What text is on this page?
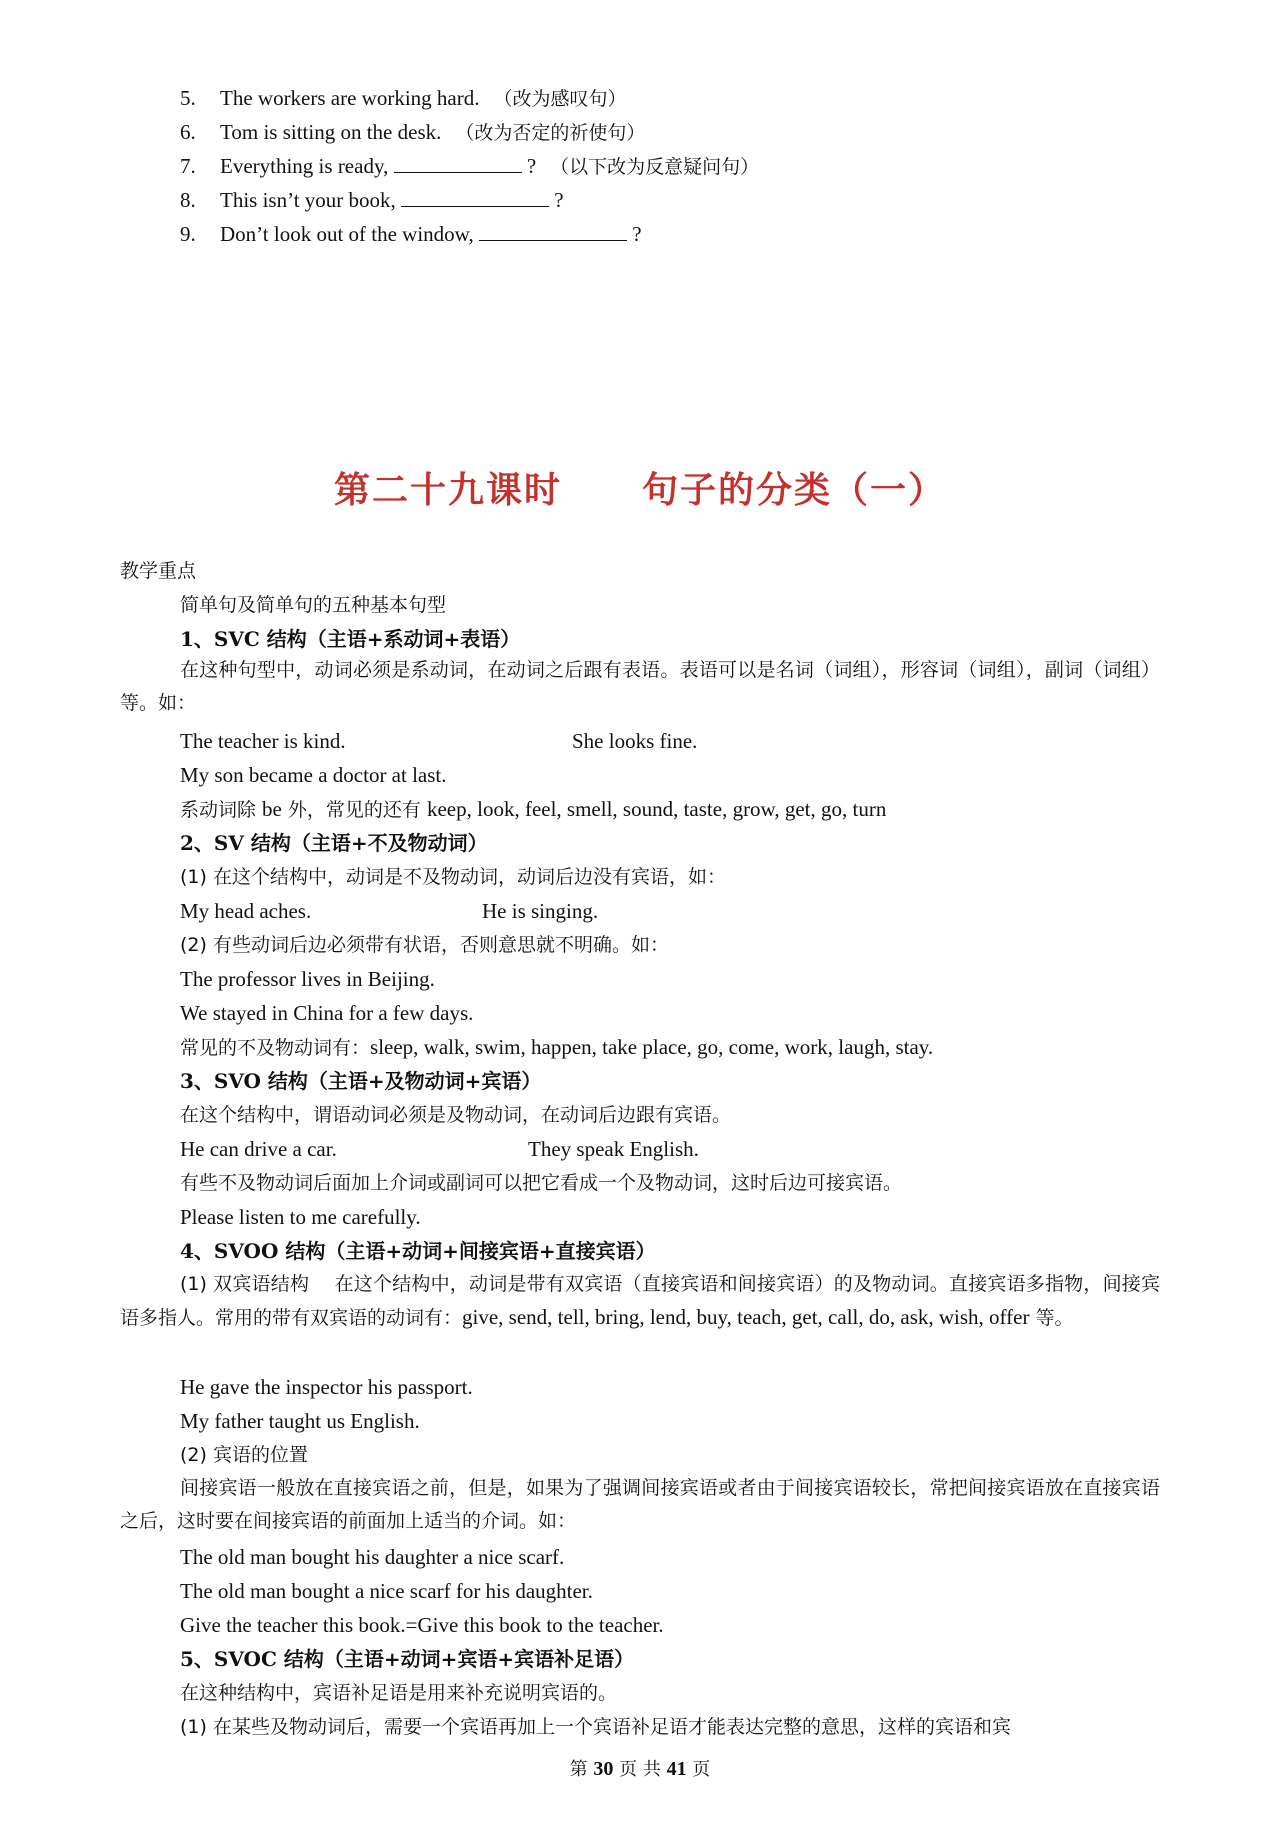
5. The workers are working hard. （改为感叹句）
6. Tom is sitting on the desk. （改为否定的祈使句）
7. Everything is ready,	? （以下改为反意疑问句）
8. This isn’t your book,	?
9. Don’t look out of the window,	?
第二十九课时 句子的分类（一）
教学重点
简单句及简单句的五种基本句型
1、SVC 结构（主语+系动词+表语）
在这种句型中，动词必须是系动词，在动词之后跟有表语。表语可以是名词（词组），形容词（词组），副词（词组）等。如：
The teacher is kind.	She looks fine.
My son became a doctor at last.
系动词除 be 外，常见的还有 keep, look, feel, smell, sound, taste, grow, get, go, turn
2、SV 结构（主语+不及物动词）
(1) 在这个结构中，动词是不及物动词，动词后边没有宾语，如：
My head aches.	He is singing.
(2) 有些动词后边必须带有状语，否则意思就不明确。如：
The professor lives in Beijing.
We stayed in China for a few days.
常见的不及物动词有：sleep, walk, swim, happen, take place, go, come, work, laugh, stay.
3、SVO 结构（主语+及物动词+宾语）
在这个结构中，谓语动词必须是及物动词，在动词后边跟有宾语。
He can drive a car.	They speak English.
有些不及物动词后面加上介词或副词可以把它看成一个及物动词，这时后边可接宾语。
Please listen to me carefully.
4、SVOO 结构（主语+动词+间接宾语+直接宾语）
(1) 双宾语结构　 在这个结构中，动词是带有双宾语（直接宾语和间接宾语）的及物动词。直接宾语多指物，间接宾语多指人。常用的带有双宾语的动词有：give, send, tell, bring, lend, buy, teach, get, call, do, ask, wish, offer 等。
He gave the inspector his passport.
My father taught us English.
(2) 宾语的位置
间接宾语一般放在直接宾语之前，但是，如果为了强调间接宾语或者由于间接宾语较长，常把间接宾语放在直接宾语之后，这时要在间接宾语的前面加上适当的介词。如：
The old man bought his daughter a nice scarf.
The old man bought a nice scarf for his daughter.
Give the teacher this book.=Give this book to the teacher.
5、SVOC 结构（主语+动词+宾语+宾语补足语）
在这种结构中，宾语补足语是用来补充说明宾语的。
(1) 在某些及物动词后，需要一个宾语再加上一个宾语补足语才能表达完整的意思，这样的宾语和宾
第 30 页 共 41 页
